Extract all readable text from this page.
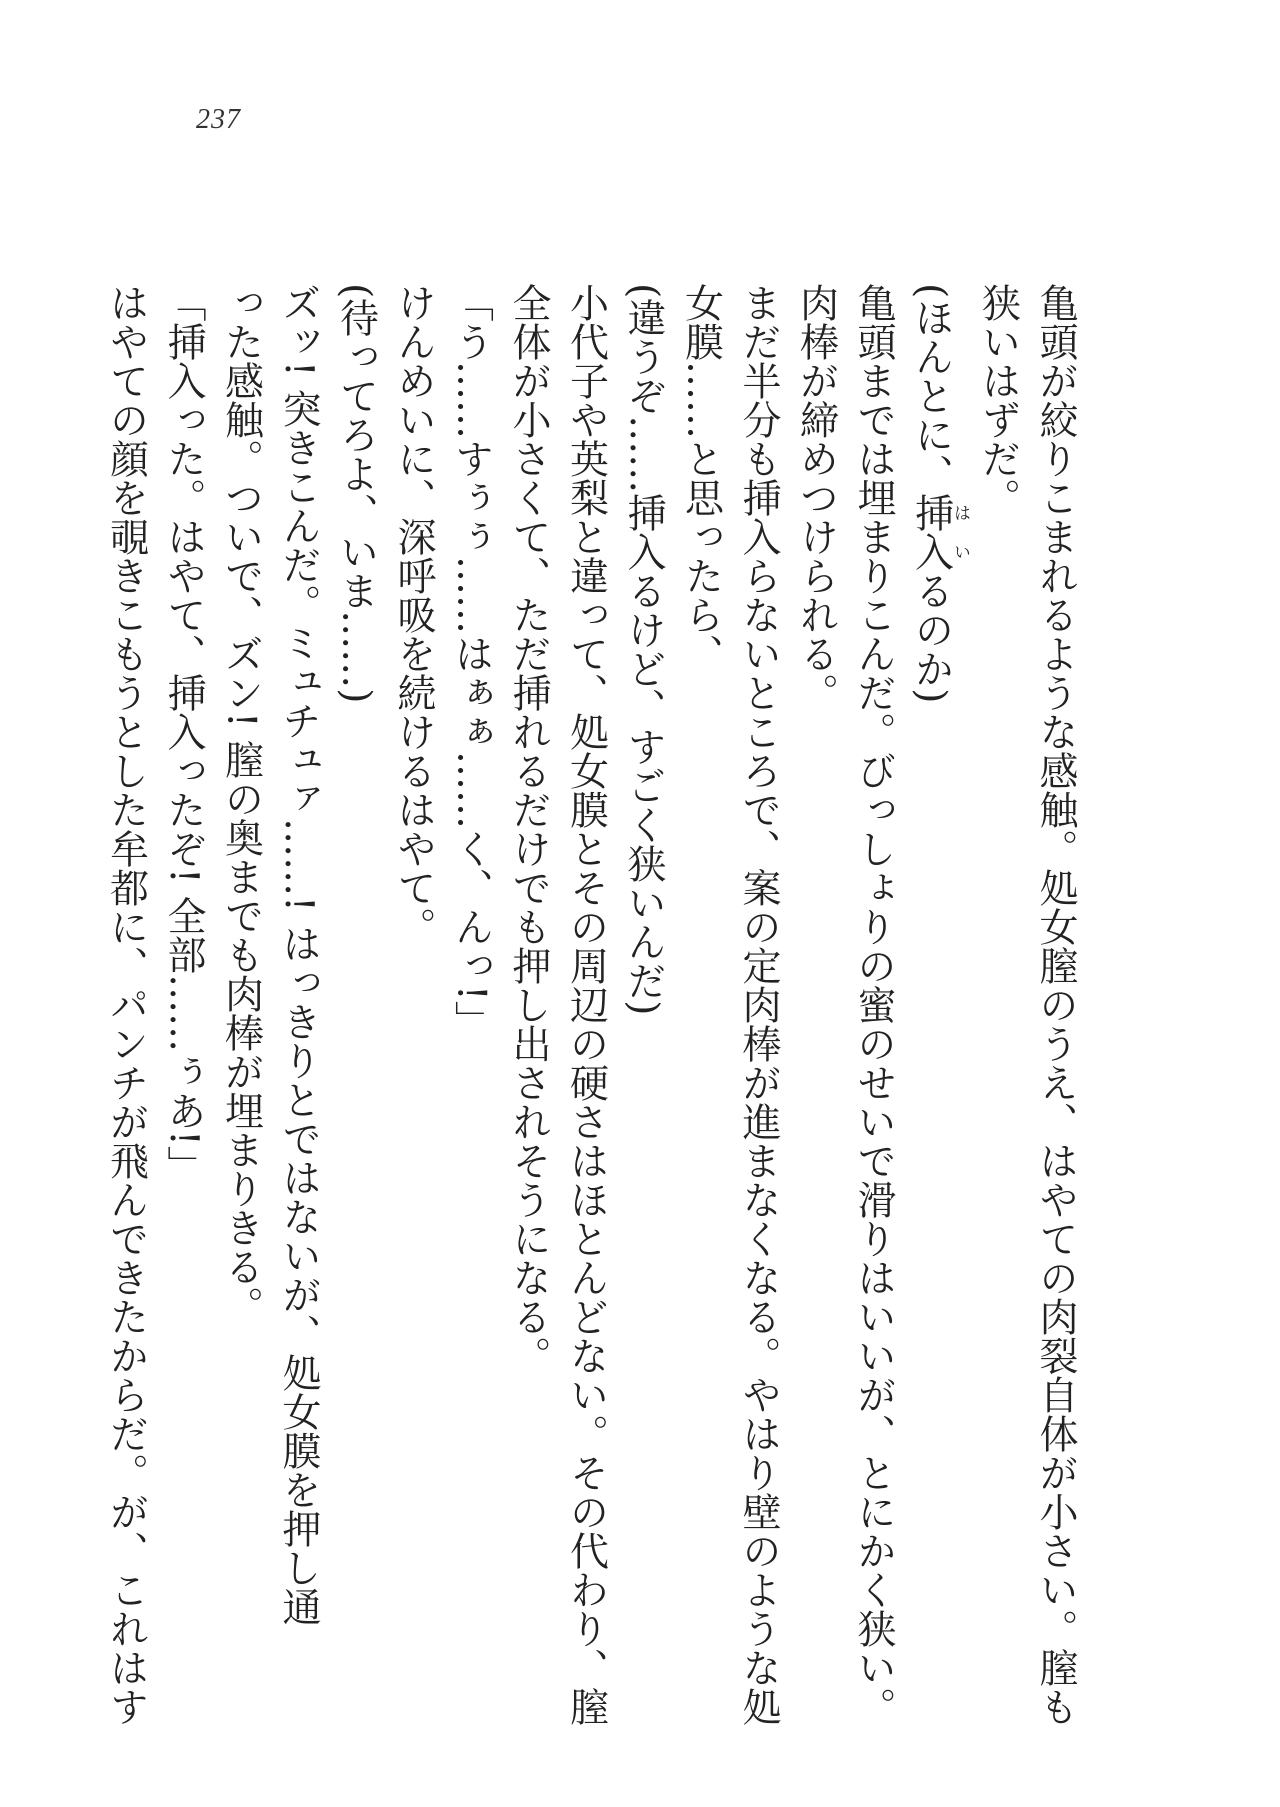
237
亀頭が絞りこまれるような感触。処女膣のうえ、はやての肉裂自体が小さい。膣も
狭いはずだ。
(ほんとに、挿入はいるのか)
亀頭までは埋まりこんだ。びっしょりの蜜のせいで滑りはいいが、とにかく狭い。
肉棒が締めつけられる。
まだ半分も挿入らないところで、案の定肉棒が進まなくなる。やはり壁のような処
女膜……と思ったら、
(違うぞ……挿入るけど、すごく狭いんだ)
小代子や英梨と違って、処女膜とその周辺の硬さはほとんどない。その代わり、膣
全体が小さくて、ただ挿れるだけでも押し出されそうになる。
「う……すぅぅ……はぁぁ……く、んっ!」
けんめいに、深呼吸を続けるはやて。
(待ってろよ、いま……)
ズッ! 突きこんだ。ミュチュァ……! はっきりとではないが、処女膜を押し通
った感触。ついで、ズン! 膣の奥までも肉棒が埋まりきる。
「挿入った。はやて、挿入ったぞ! 全部……ぅあ!」
はやての顔を覗きこもうとした牟都に、パンチが飛んできたからだ。が、これはす
